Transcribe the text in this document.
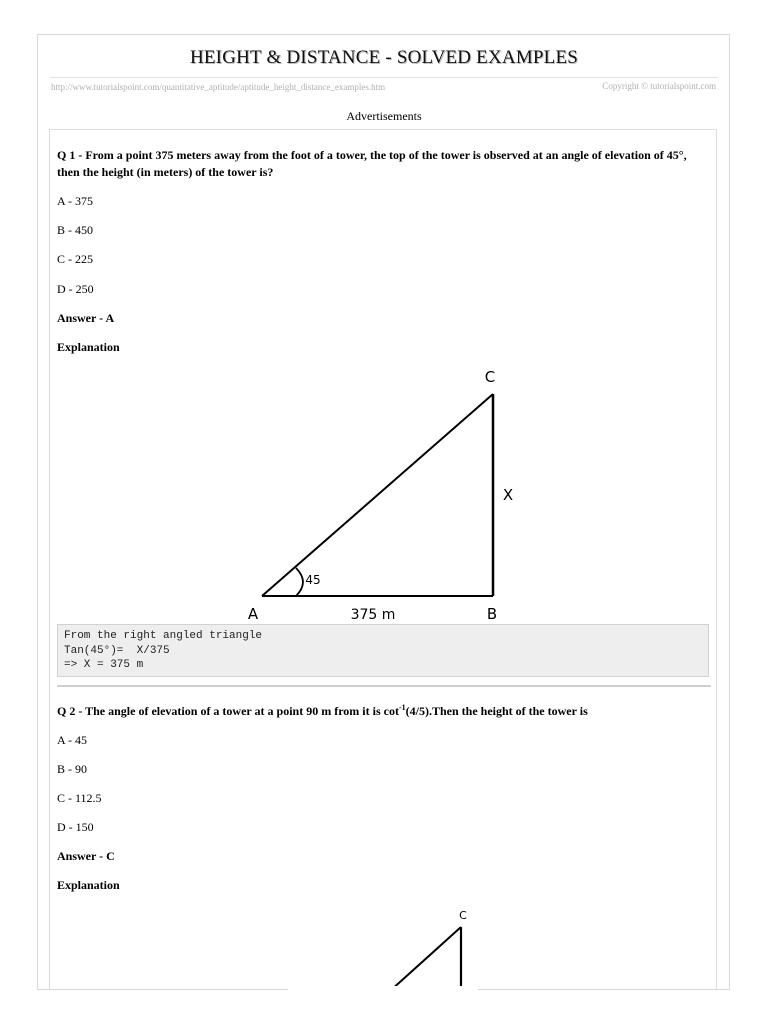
HEIGHT & DISTANCE - SOLVED EXAMPLES
http://www.tutorialspoint.com/quantitative_aptitude/aptitude_height_distance_examples.htm	Copyright © tutorialspoint.com
Advertisements
Q 1 - From a point 375 meters away from the foot of a tower, the top of the tower is observed at an angle of elevation of 45°, then the height (in meters) of the tower is?
A - 375
B - 450
C - 225
D - 250
Answer - A
Explanation
C
X
45
A	375 m	B
From the right angled triangle
Tan(45°)=  X/375
=> X = 375 m
Q 2 - The angle of elevation of a tower at a point 90 m from it is $\cot^{-1}(4/5).Then$ the height of the tower is
A - 45
B - 90
C - 112.5
D - 150
Answer - C
Explanation
C
